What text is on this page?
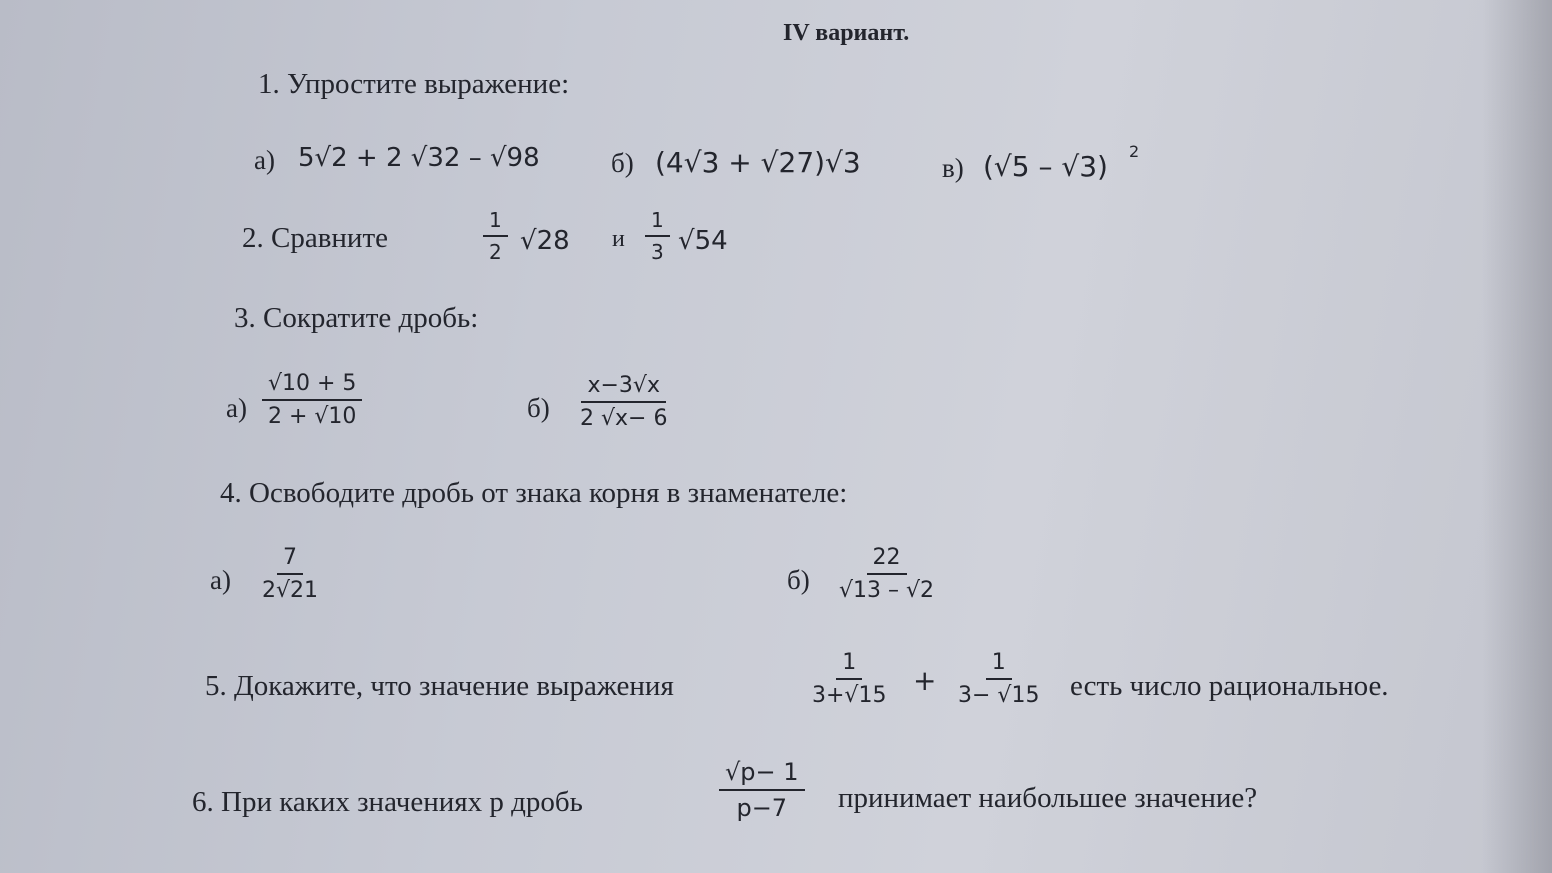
IV вариант.
1. Упростите выражение:
а) 5√2 + 2 √32 – √98	б) (4√3 + √27)√3	в) (√5 – √3) 2
2. Сравните	$\frac{1}{2} √28$ и $\frac{1}{3} √54$
3. Сократите дробь:
$а) \frac{√10 + 5}{2 + √10}$	$б) \frac{x-3√x}{2 √x- 6}$
4. Освободите дробь от знака корня в знаменателе:
$а) \frac{7}{2√21}$	$б) \frac{22}{√13 - √2}$
5. Докажите, что значение выражения	$\frac{1}{3+√15} + \frac{1}{3- √15}$ есть число рациональное.
6. При каких значениях р дробь	$\frac{√p- 1}{p-7}$ принимает наибольшее значение?
